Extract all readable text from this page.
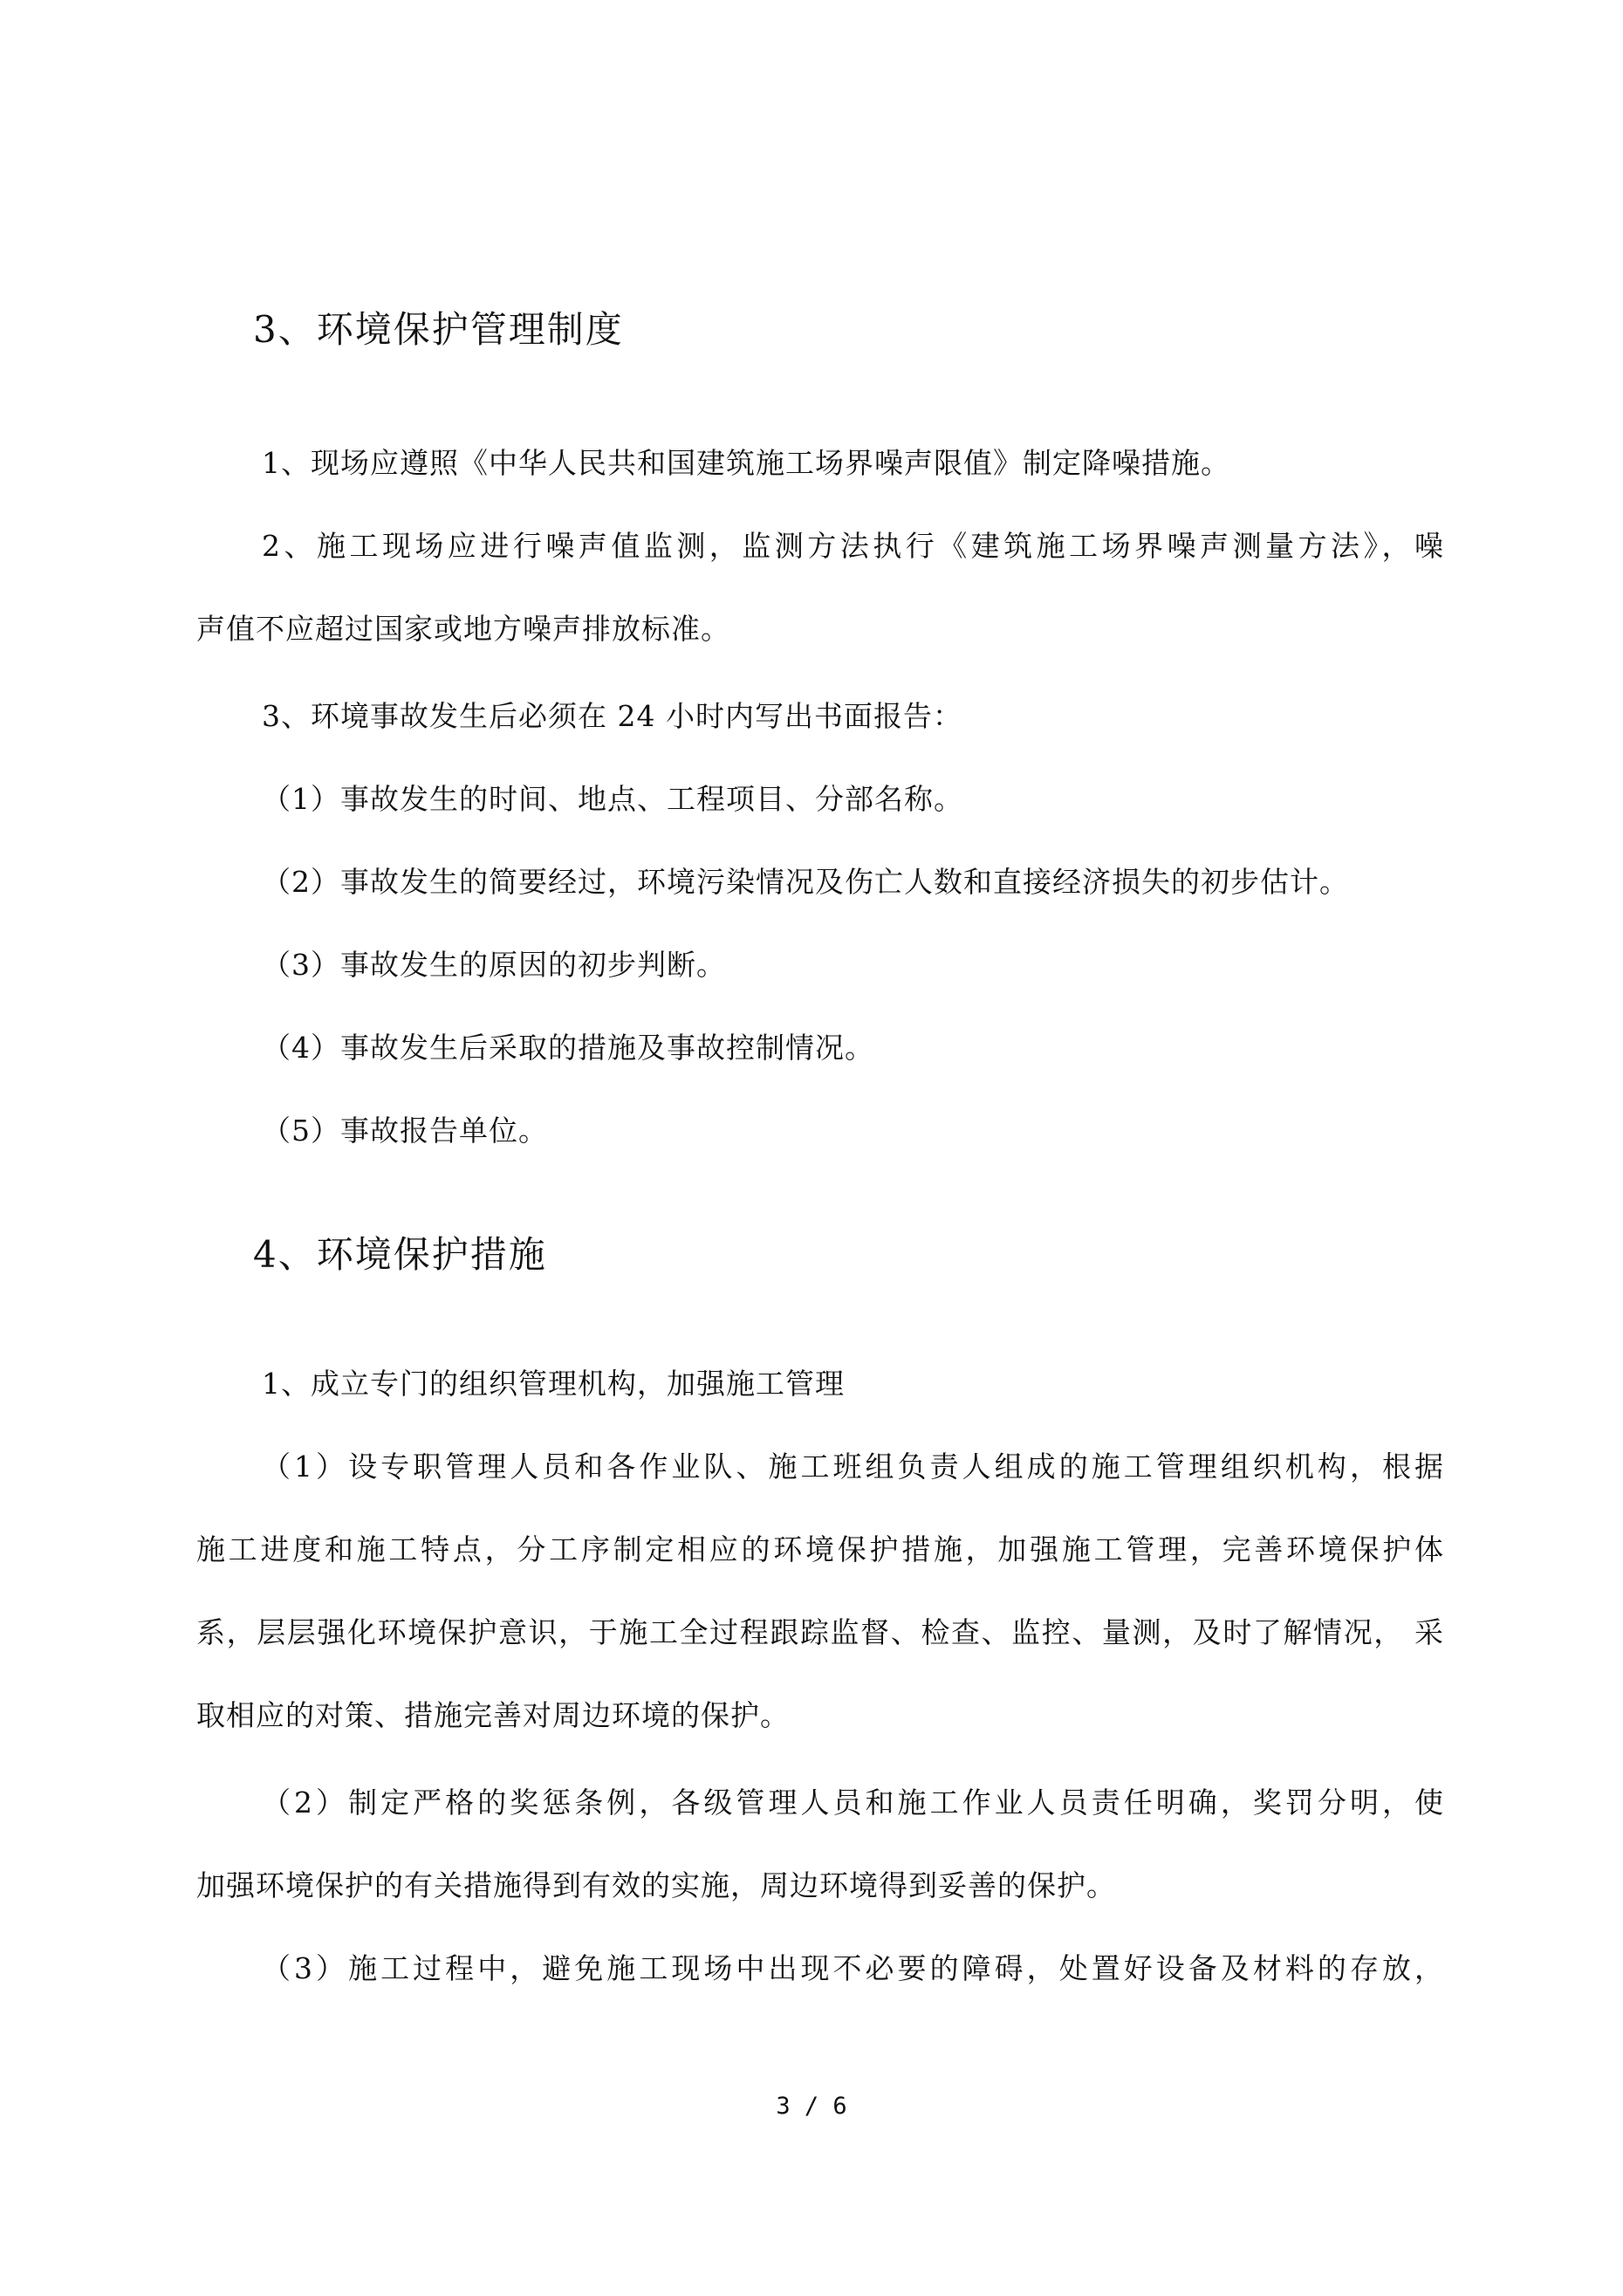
3、环境保护管理制度

1、现场应遵照《中华人民共和国建筑施工场界噪声限值》制定降噪措施。

2、施工现场应进行噪声值监测，监测方法执行《建筑施工场界噪声测量方法》，噪

声值不应超过国家或地方噪声排放标准。

3、环境事故发生后必须在 24 小时内写出书面报告：

（1）事故发生的时间、地点、工程项目、分部名称。

（2）事故发生的简要经过，环境污染情况及伤亡人数和直接经济损失的初步估计。

（3）事故发生的原因的初步判断。

（4）事故发生后采取的措施及事故控制情况。

（5）事故报告单位。

4、环境保护措施

1、成立专门的组织管理机构，加强施工管理

（1）设专职管理人员和各作业队、施工班组负责人组成的施工管理组织机构，根据

施工进度和施工特点，分工序制定相应的环境保护措施，加强施工管理，完善环境保护体

系，层层强化环境保护意识，于施工全过程跟踪监督、检查、监控、量测，及时了解情况， 采

取相应的对策、措施完善对周边环境的保护。

（2）制定严格的奖惩条例，各级管理人员和施工作业人员责任明确，奖罚分明，使

加强环境保护的有关措施得到有效的实施，周边环境得到妥善的保护。

（3）施工过程中，避免施工现场中出现不必要的障碍，处置好设备及材料的存放，

3 / 6
